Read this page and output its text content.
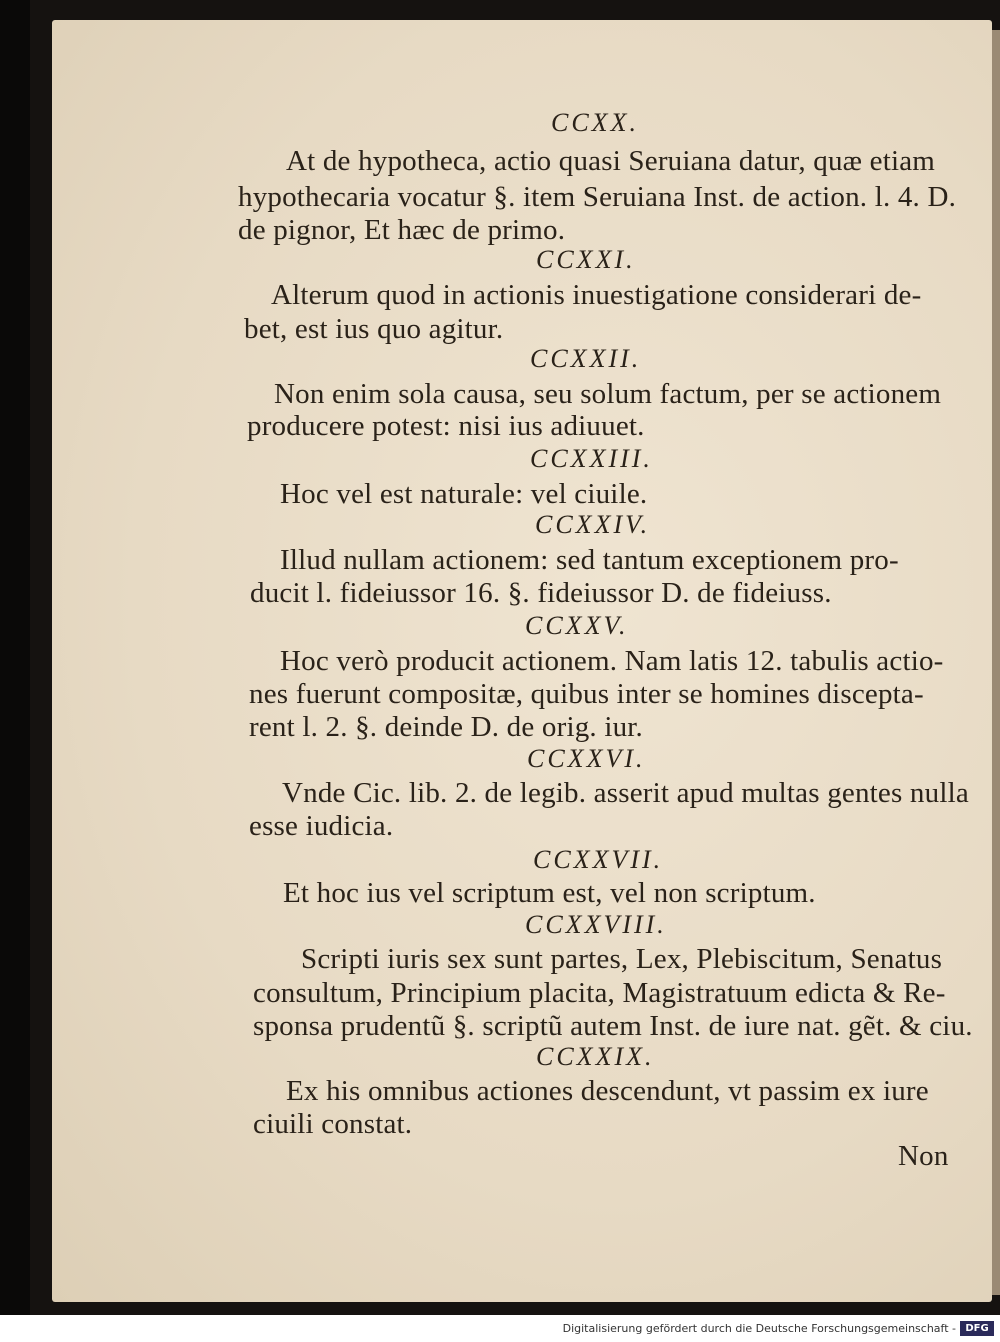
CCXX.
At de hypotheca, actio quasi Seruiana datur, quæ etiam
hypothecaria vocatur §. item Seruiana Inst. de action. l. 4. D.
de pignor, Et hæc de primo.
CCXXI.
Alterum quod in actionis inuestigatione considerari de-
bet, est ius quo agitur.
CCXXII.
Non enim sola causa, seu solum factum, per se actionem
producere potest: nisi ius adiuuet.
CCXXIII.
Hoc vel est naturale: vel ciuile.
CCXXIV.
Illud nullam actionem: sed tantum exceptionem pro-
ducit l. fideiussor 16. §. fideiussor D. de fideiuss.
CCXXV.
Hoc verò producit actionem. Nam latis 12. tabulis actio-
nes fuerunt compositæ, quibus inter se homines discepta-
rent l. 2. §. deinde D. de orig. iur.
CCXXVI.
Vnde Cic. lib. 2. de legib. asserit apud multas gentes nulla
esse iudicia.
CCXXVII.
Et hoc ius vel scriptum est, vel non scriptum.
CCXXVIII.
Scripti iuris sex sunt partes, Lex, Plebiscitum, Senatus
consultum, Principium placita, Magistratuum edicta & Re-
sponsa prudentũ §. scriptũ autem Inst. de iure nat. gẽt. & ciu.
CCXXIX.
Ex his omnibus actiones descendunt, vt passim ex iure
ciuili constat.
Non
Digitalisierung gefördert durch die Deutsche Forschungsgemeinschaft - DFG
